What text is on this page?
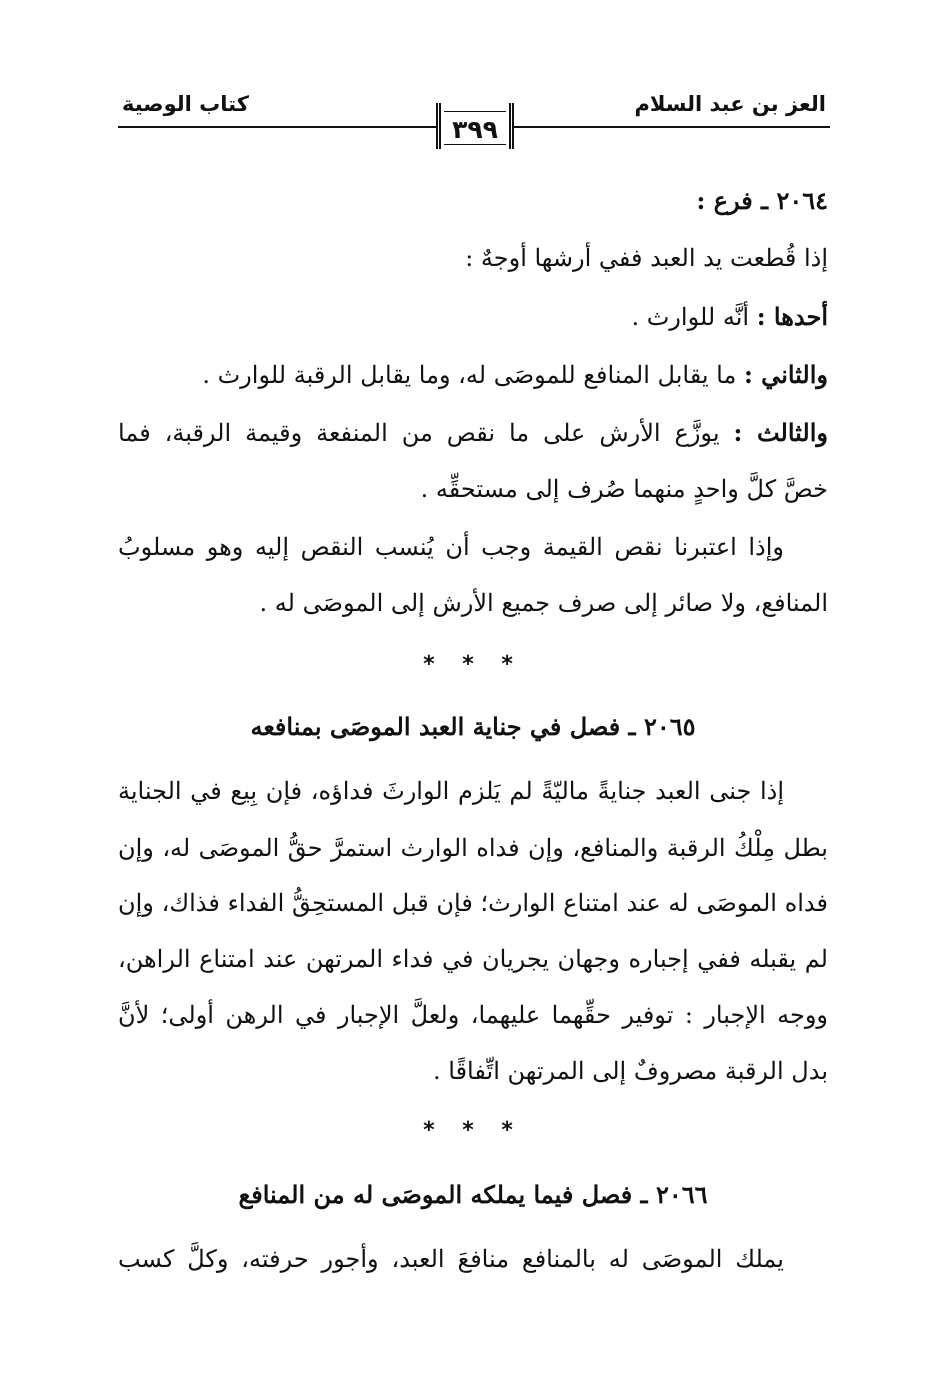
العز بن عبد السلام
٣٩٩
كتاب الوصية
٢٠٦٤ ـ فرع :
إذا قُطعت يد العبد ففي أرشها أوجهٌ :
أحدها : أنَّه للوارث .
والثاني : ما يقابل المنافع للموصَى له، وما يقابل الرقبة للوارث .
والثالث : يوزَّع الأرش على ما نقص من المنفعة وقيمة الرقبة، فما
خصَّ كلَّ واحدٍ منهما صُرف إلى مستحقِّه .
وإذا اعتبرنا نقص القيمة وجب أن يُنسب النقص إليه وهو مسلوبُ
المنافع، ولا صائر إلى صرف جميع الأرش إلى الموصَى له .
* * *
٢٠٦٥ ـ فصل في جناية العبد الموصَى بمنافعه
إذا جنى العبد جنايةً ماليّةً لم يَلزم الوارثَ فداؤه، فإن بِيع في الجناية
بطل مِلْكُ الرقبة والمنافع، وإن فداه الوارث استمرَّ حقُّ الموصَى له، وإن
فداه الموصَى له عند امتناع الوارث؛ فإن قبل المستحِقُّ الفداء فذاك، وإن
لم يقبله ففي إجباره وجهان يجريان في فداء المرتهن عند امتناع الراهن،
ووجه الإجبار : توفير حقِّهما عليهما، ولعلَّ الإجبار في الرهن أولى؛ لأنَّ
بدل الرقبة مصروفٌ إلى المرتهن اتِّفاقًا .
* * *
٢٠٦٦ ـ فصل فيما يملكه الموصَى له من المنافع
يملك الموصَى له بالمنافع منافعَ العبد، وأجور حرفته، وكلَّ كسب
